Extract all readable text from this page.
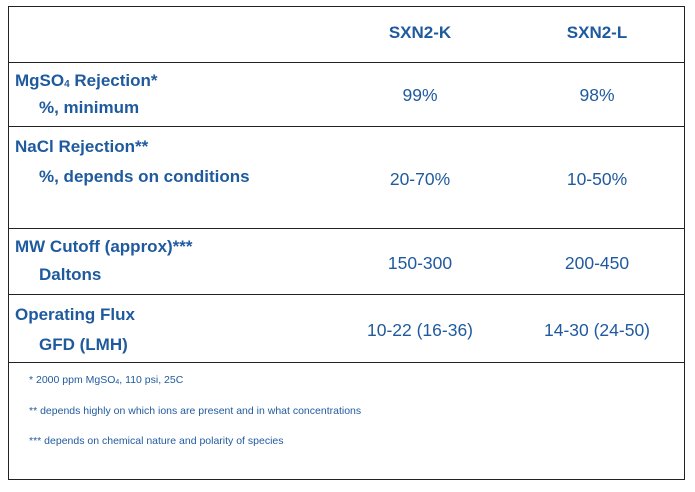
SXN2-K	SXN2-L
MgSO$_4$ Rejection*
%, minimum
99%	98%
NaCl Rejection**
%, depends on conditions	20-70%	10-50%
MW Cutoff (approx)***
Daltons
150-300	200-450
Operating Flux
GFD (LMH)
10-22 (16-36)	14-30 (24-50)
* 2000 ppm MgSO$_4$, 110 psi, 25C
** depends highly on which ions are present and in what concentrations
*** depends on chemical nature and polarity of species
